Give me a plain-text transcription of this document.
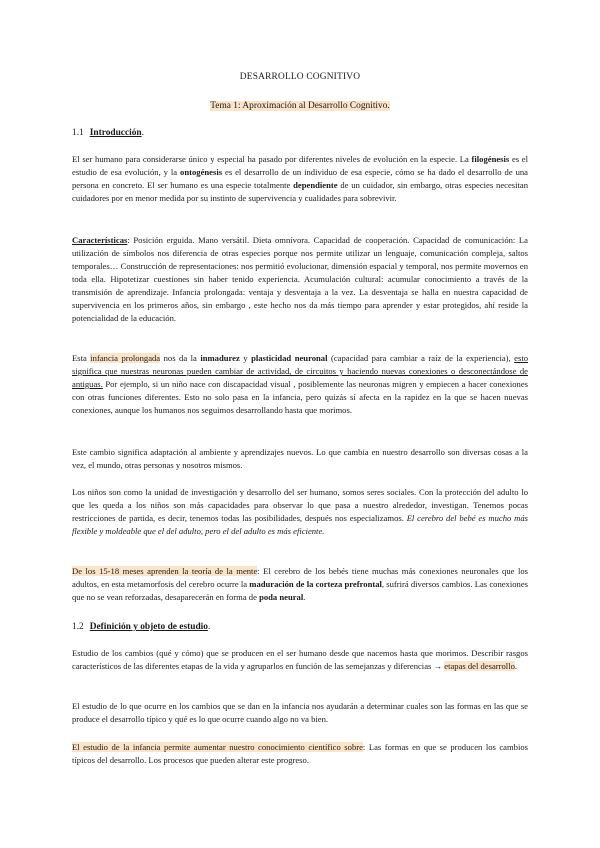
DESARROLLO COGNITIVO
Tema 1: Aproximación al Desarrollo Cognitivo.
1.1 Introducción.
El ser humano para considerarse único y especial ha pasado por diferentes niveles de evolución en la especie. La filogénesis es el estudio de esa evolución, y la ontogénesis es el desarrollo de un individuo de esa especie, cómo se ha dado el desarrollo de una persona en concreto. El ser humano es una especie totalmente dependiente de un cuidador, sin embargo, otras especies necesitan cuidadores por en menor medida por su instinto de supervivencia y cualidades para sobrevivir.
Características: Posición erguida. Mano versátil. Dieta omnívora. Capacidad de cooperación. Capacidad de comunicación: La utilización de símbolos nos diferencia de otras especies porque nos permite utilizar un lenguaje, comunicación compleja, saltos temporales… Construcción de representaciones: nos permitió evolucionar, dimensión espacial y temporal, nos permite movernos en toda ella. Hipotetizar cuestiones sin haber tenido experiencia. Acumulación cultural: acumular conocimiento a través de la transmisión de aprendizaje. Infancia prolongada: ventaja y desventaja a la vez. La desventaja se halla en nuestra capacidad de supervivencia en los primeros años, sin embargo , este hecho nos da más tiempo para aprender y estar protegidos, ahí reside la potencialidad de la educación.
Esta infancia prolongada nos da la inmadurez y plasticidad neuronal (capacidad para cambiar a raíz de la experiencia), esto significa que nuestras neuronas pueden cambiar de actividad, de circuitos y haciendo nuevas conexiones o desconectándose de antiguas. Por ejemplo, si un niño nace con discapacidad visual , posiblemente las neuronas migren y empiecen a hacer conexiones con otras funciones diferentes. Esto no solo pasa en la infancia, pero quizás sí afecta en la rapidez en la que se hacen nuevas conexiones, aunque los humanos nos seguimos desarrollando hasta que morimos.
Este cambio significa adaptación al ambiente y aprendizajes nuevos. Lo que cambia en nuestro desarrollo son diversas cosas a la vez, el mundo, otras personas y nosotros mismos.
Los niños son como la unidad de investigación y desarrollo del ser humano, somos seres sociales. Con la protección del adulto lo que les queda a los niños son más capacidades para observar lo que pasa a nuestro alrededor, investigan. Tenemos pocas restricciones de partida, es decir, tenemos todas las posibilidades, después nos especializamos. El cerebro del bebé es mucho más flexible y moldeable que el del adulto, pero el del adulto es más eficiente.
De los 15-18 meses aprenden la teoría de la mente: El cerebro de los bebés tiene muchas más conexiones neuronales que los adultos, en esta metamorfosis del cerebro ocurre la maduración de la corteza prefrontal, sufrirá diversos cambios. Las conexiones que no se vean reforzadas, desaparecerán en forma de poda neural.
1.2 Definición y objeto de estudio.
Estudio de los cambios (qué y cómo) que se producen en el ser humano desde que nacemos hasta que morimos. Describir rasgos característicos de las diferentes etapas de la vida y agruparlos en función de las semejanzas y diferencias → etapas del desarrollo.
El estudio de lo que ocurre en los cambios que se dan en la infancia nos ayudarán a determinar cuales son las formas en las que se produce el desarrollo típico y qué es lo que ocurre cuando algo no va bien.
El estudio de la infancia permite aumentar nuestro conocimiento científico sobre: Las formas en que se producen los cambios típicos del desarrollo. Los procesos que pueden alterar este progreso.
